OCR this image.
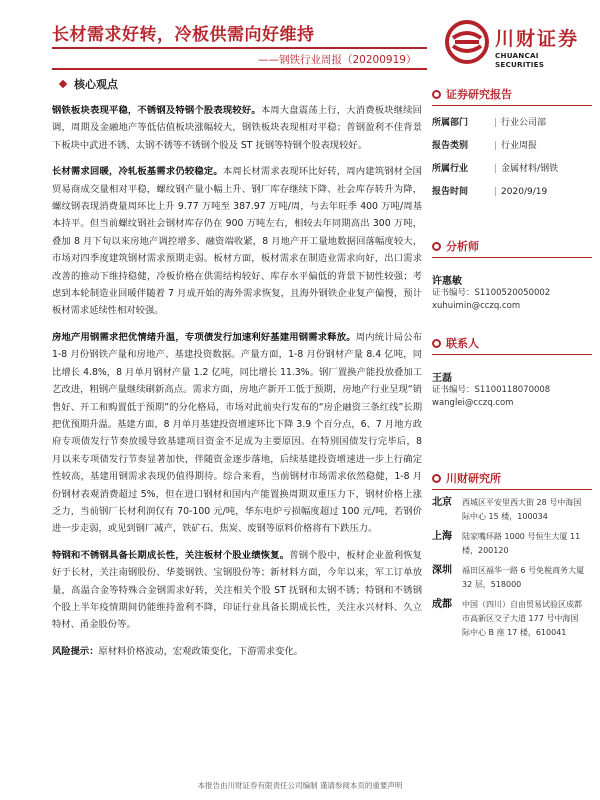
长材需求好转，冷板供需向好维持
——钢铁行业周报（20200919）
川财证券
CHUANCAI SECURITIES
核心观点

钢铁板块表现平稳，不锈钢及特钢个股表现较好。本周大盘震荡上行，大消费板块继续回调，周期及金融地产等低估值板块涨幅较大，钢铁板块表现相对平稳；普钢盈利不佳背景下板块中武进不锈、太钢不锈等不锈钢个股及 ST 抚钢等特钢个股表现较好。

长材需求回暖，冷轧板基需求仍较稳定。本周长材需求表现环比好转，周内建筑钢材全国贸易商成交量相对平稳，螺纹钢产量小幅上升、钢厂库存继续下降、社会库存转升为降，螺纹钢表现消费量周环比上升 9.77 万吨至 387.97 万吨/周，与去年旺季 400 万吨/周基本持平。但当前螺纹钢社会钢材库存仍在 900 万吨左右，相较去年同期高出 300 万吨，叠加 8 月下旬以来房地产调控增多、融资端收紧，8 月地产开工量地数据回落幅度较大，市场对四季度建筑钢材需求预期走弱。板材方面，板材需求在制造业需求向好，出口需求改善的推动下维持稳健，冷板价格在供需结构较好、库存水平偏低的背景下韧性较强；考虑到本轮制造业回暖伴随着 7 月成开始的海外需求恢复，且海外钢铁企业复产偏慢，预计板材需求延续性相对较强。

房地产用钢需求把优情绪升温，专项债发行加速利好基建用钢需求释放。周内统计局公布 1-8 月份钢铁产量和房地产、基建投资数据。产量方面，1-8 月份钢材产量 8.4 亿吨，同比增长 4.8%，8 月单月钢材产量 1.2 亿吨，同比增长 11.3%。钢厂置换产能投放叠加工艺改进，粗钢产量继续刷新高点。需求方面，房地产新开工低于预期，房地产行业呈现“销售好、开工和购置低于预期”的分化格局，市场对此前央行发布的“房企融资三条红线”长期把优预期升温。基建方面，8 月单月基建投资增速环比下降 3.9 个百分点，6、7 月地方政府专项债发行节奏放缓导致基建项目资金不足成为主要原因。在特别国债发行完毕后，8 月以来专项债发行节奏显著加快，伴随资金逐步落地，后续基建投资增速进一步上行确定性较高，基建用钢需求表现仍值得期待。综合来看，当前钢材市场需求依然稳健，1-8 月份钢材表观消费超过 5%，但在进口钢材和国内产能置换周期双重压力下，钢材价格上涨乏力，当前钢厂长材利润仅有 70-100 元/吨，华东电炉亏损幅度超过 100 元/吨，若钢价进一步走弱，或见到钢厂减产，铁矿石、焦炭、废钢等原料价格将有下跌压力。

特钢和不锈钢具备长期成长性，关注板材个股业绩恢复。普钢个股中，板材企业盈利恢复好于长材，关注南钢股份、华菱钢铁、宝钢股份等；新材料方面，今年以来，军工订单放量，高温合金等特殊合金钢需求好转，关注相关个股 ST 抚钢和太钢不锈；特钢和不锈钢个股上半年疫情期间仍能维持盈利不降，印证行业具备长期成长性，关注永兴材料、久立特材、甬金股份等。

风险提示：原材料价格波动，宏观政策变化，下游需求变化。

证券研究报告
所属部门	| 行业公司部
报告类别	| 行业周报
所属行业	| 金属材料/钢铁
报告时间	| 2020/9/19
分析师
许惠敏
证书编号：S1100520050002
xuhuimin@cczq.com
联系人
王磊
证书编号：S1100118070008
wanglei@cczq.com
川财研究所
北京	西城区平安里西大街 28 号中海国际中心 15 楼，100034
上海	陆家嘴环路 1000 号恒生大厦 11 楼，200120
深圳	福田区福华一路 6 号免税商务大厦 32 层，518000
成都	中国（四川）自由贸易试验区成都市高新区交子大道 177 号中海国际中心 B 座 17 楼，610041
本报告由川财证券有限责任公司编制 谨请参阅本页的重要声明
